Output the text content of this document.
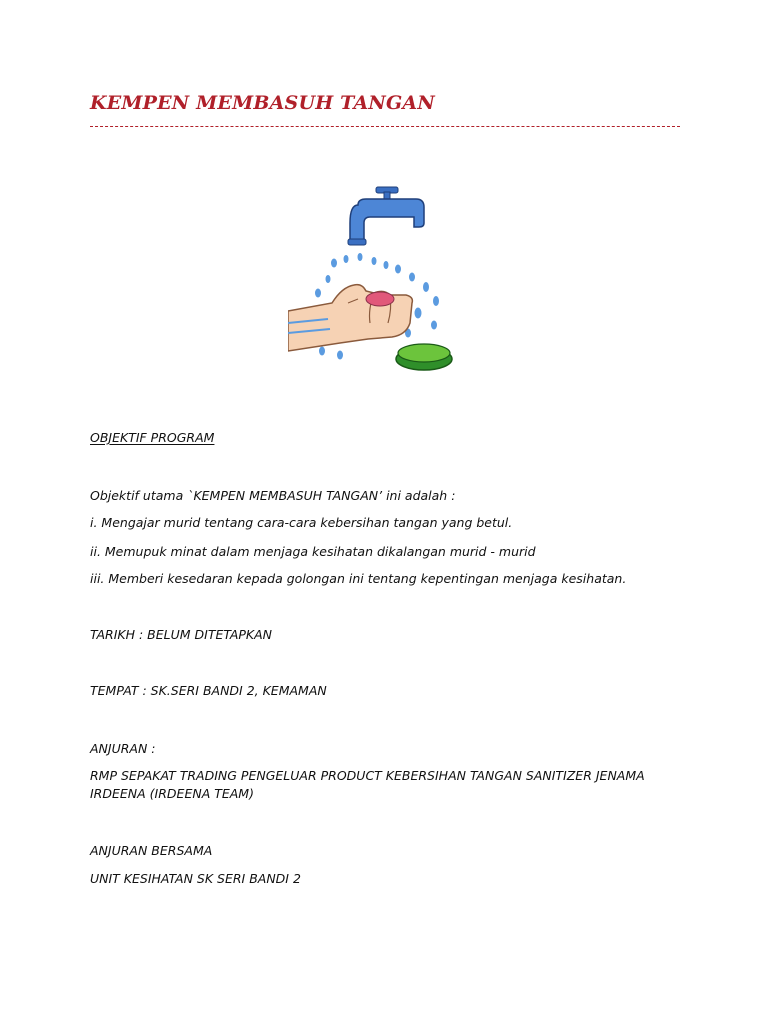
KEMPEN MEMBASUH TANGAN

OBJEKTIF PROGRAM

Objektif utama `KEMPEN MEMBASUH TANGAN’ ini adalah :

i. Mengajar murid tentang cara-cara kebersihan tangan yang betul.

ii. Memupuk minat dalam menjaga kesihatan dikalangan murid - murid

iii. Memberi kesedaran kepada golongan ini tentang kepentingan menjaga kesihatan.

TARIKH : BELUM DITETAPKAN

TEMPAT : SK.SERI BANDI 2, KEMAMAN

ANJURAN :

RMP SEPAKAT TRADING PENGELUAR PRODUCT KEBERSIHAN TANGAN SANITIZER JENAMA IRDEENA (IRDEENA TEAM)

ANJURAN BERSAMA

UNIT KESIHATAN SK SERI BANDI 2
